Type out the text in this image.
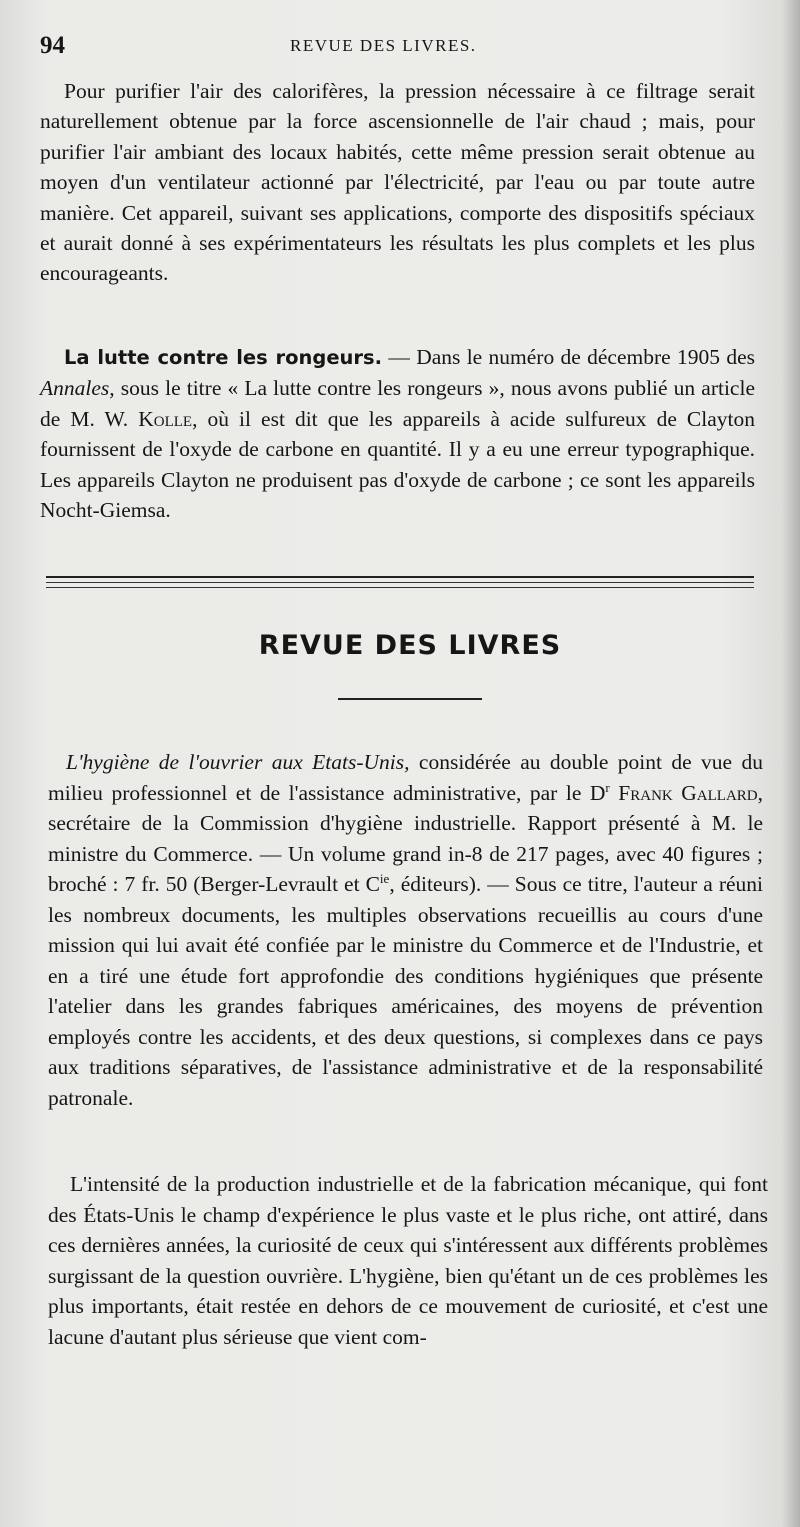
94	REVUE DES LIVRES.

Pour purifier l'air des calorifères, la pression nécessaire à ce filtrage serait naturellement obtenue par la force ascensionnelle de l'air chaud ; mais, pour purifier l'air ambiant des locaux habités, cette même pression serait obtenue au moyen d'un ventilateur actionné par l'électricité, par l'eau ou par toute autre manière. Cet appareil, suivant ses applications, comporte des dispositifs spéciaux et aurait donné à ses expérimentateurs les résultats les plus complets et les plus encourageants.

La lutte contre les rongeurs. — Dans le numéro de décembre 1905 des Annales, sous le titre « La lutte contre les rongeurs », nous avons publié un article de M. W. Kolle, où il est dit que les appareils à acide sulfureux de Clayton fournissent de l'oxyde de carbone en quantité. Il y a eu une erreur typographique. Les appareils Clayton ne produisent pas d'oxyde de carbone ; ce sont les appareils Nocht-Giemsa.

REVUE DES LIVRES

L'hygiène de l'ouvrier aux Etats-Unis, considérée au double point de vue du milieu professionnel et de l'assistance administrative, par le $D^r$ Frank Gallard, secrétaire de la Commission d'hygiène industrielle. Rapport présenté à M. le ministre du Commerce. — Un volume grand in-8 de 217 pages, avec 40 figures ; broché : 7 fr. 50 (Berger-Levrault et $C^{ie}$, éditeurs). — Sous ce titre, l'auteur a réuni les nombreux documents, les multiples observations recueillis au cours d'une mission qui lui avait été confiée par le ministre du Commerce et de l'Industrie, et en a tiré une étude fort approfondie des conditions hygiéniques que présente l'atelier dans les grandes fabriques américaines, des moyens de prévention employés contre les accidents, et des deux questions, si complexes dans ce pays aux traditions séparatives, de l'assistance administrative et de la responsabilité patronale.

L'intensité de la production industrielle et de la fabrication mécanique, qui font des États-Unis le champ d'expérience le plus vaste et le plus riche, ont attiré, dans ces dernières années, la curiosité de ceux qui s'intéressent aux différents problèmes surgissant de la question ouvrière. L'hygiène, bien qu'étant un de ces problèmes les plus importants, était restée en dehors de ce mouvement de curiosité, et c'est une lacune d'autant plus sérieuse que vient com-
